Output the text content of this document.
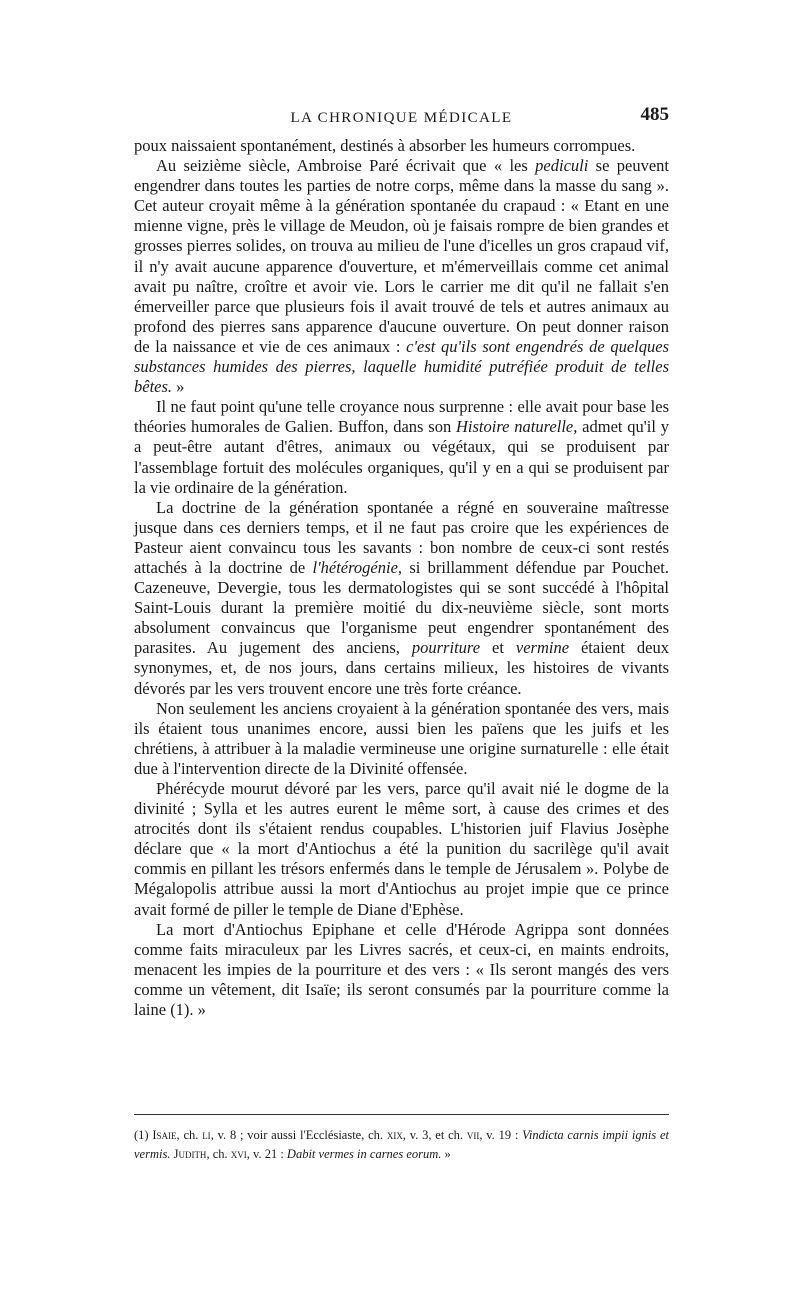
LA CHRONIQUE MÉDICALE	485

poux naissaient spontanément, destinés à absorber les humeurs corrompues.

Au seizième siècle, Ambroise Paré écrivait que « les pediculi se peuvent engendrer dans toutes les parties de notre corps, même dans la masse du sang ». Cet auteur croyait même à la génération spontanée du crapaud : « Etant en une mienne vigne, près le village de Meudon, où je faisais rompre de bien grandes et grosses pierres solides, on trouva au milieu de l'une d'icelles un gros crapaud vif, il n'y avait aucune apparence d'ouverture, et m'émerveillais comme cet animal avait pu naître, croître et avoir vie. Lors le carrier me dit qu'il ne fallait s'en émerveiller parce que plusieurs fois il avait trouvé de tels et autres animaux au profond des pierres sans apparence d'aucune ouverture. On peut donner raison de la naissance et vie de ces animaux : c'est qu'ils sont engendrés de quelques substances humides des pierres, laquelle humidité putréfiée produit de telles bêtes. »

Il ne faut point qu'une telle croyance nous surprenne : elle avait pour base les théories humorales de Galien. Buffon, dans son Histoire naturelle, admet qu'il y a peut-être autant d'êtres, animaux ou végétaux, qui se produisent par l'assemblage fortuit des molécules organiques, qu'il y en a qui se produisent par la vie ordinaire de la génération.

La doctrine de la génération spontanée a régné en souveraine maîtresse jusque dans ces derniers temps, et il ne faut pas croire que les expériences de Pasteur aient convaincu tous les savants : bon nombre de ceux-ci sont restés attachés à la doctrine de l'hétérogénie, si brillamment défendue par Pouchet. Cazeneuve, Devergie, tous les dermatologistes qui se sont succédé à l'hôpital Saint-Louis durant la première moitié du dix-neuvième siècle, sont morts absolument convaincus que l'organisme peut engendrer spontanément des parasites. Au jugement des anciens, pourriture et vermine étaient deux synonymes, et, de nos jours, dans certains milieux, les histoires de vivants dévorés par les vers trouvent encore une très forte créance.

Non seulement les anciens croyaient à la génération spontanée des vers, mais ils étaient tous unanimes encore, aussi bien les païens que les juifs et les chrétiens, à attribuer à la maladie vermineuse une origine surnaturelle : elle était due à l'intervention directe de la Divinité offensée.

Phérécyde mourut dévoré par les vers, parce qu'il avait nié le dogme de la divinité ; Sylla et les autres eurent le même sort, à cause des crimes et des atrocités dont ils s'étaient rendus coupables. L'historien juif Flavius Josèphe déclare que « la mort d'Antiochus a été la punition du sacrilège qu'il avait commis en pillant les trésors enfermés dans le temple de Jérusalem ». Polybe de Mégalopolis attribue aussi la mort d'Antiochus au projet impie que ce prince avait formé de piller le temple de Diane d'Ephèse.

La mort d'Antiochus Epiphane et celle d'Hérode Agrippa sont données comme faits miraculeux par les Livres sacrés, et ceux-ci, en maints endroits, menacent les impies de la pourriture et des vers : « Ils seront mangés des vers comme un vêtement, dit Isaïe; ils seront consumés par la pourriture comme la laine (1). »

(1) Isaie, ch. li, v. 8 ; voir aussi l'Ecclésiaste, ch. xix, v. 3, et ch. vii, v. 19 : Vindicta carnis impii ignis et vermis. Judith, ch. xvi, v. 21 : Dabit vermes in carnes eorum. »
